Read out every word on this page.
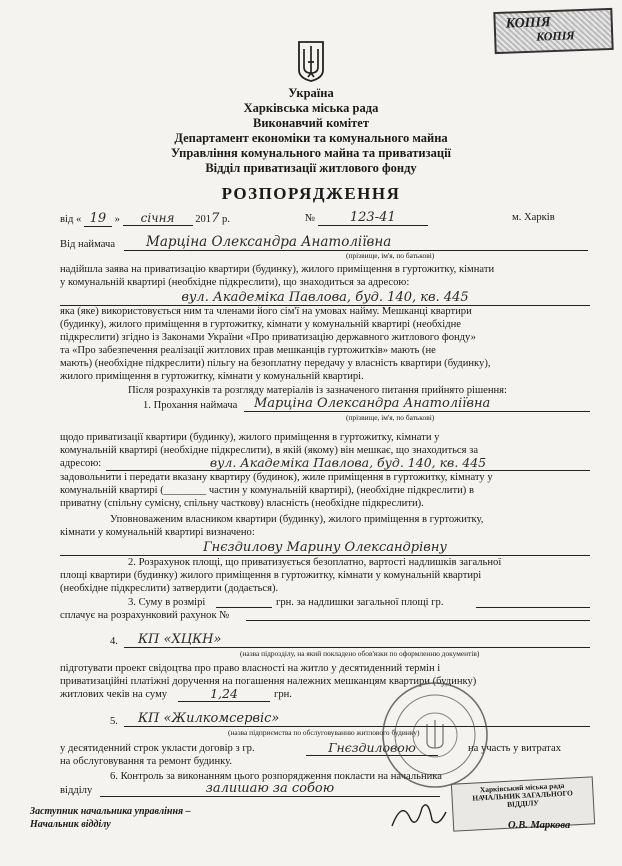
КОПІЯ
КОПІЯ
Україна
Харківська міська рада
Виконавчий комітет
Департамент економіки та комунального майна
Управління комунального майна та приватизації
Відділ приватизації житлового фонду
РОЗПОРЯДЖЕННЯ
від « 19 » січня 2017 р.	№	123-41	м. Харків
Від наймача	Марціна Олександра Анатоліївна
(прізвище, ім'я, по батькові)
надійшла заява на приватизацію квартири (будинку), жилого приміщення в гуртожитку, кімнати
у комунальній квартирі (необхідне підкреслити), що знаходиться за адресою:
вул. Академіка Павлова, буд. 140, кв. 445
яка (яке) використовується ним та членами його сім'ї на умовах найму. Мешканці квартири
(будинку), жилого приміщення в гуртожитку, кімнати у комунальній квартирі (необхідне
підкреслити) згідно із Законами України «Про приватизацію державного житлового фонду»
та «Про забезпечення реалізації житлових прав мешканців гуртожитків» мають (не
мають) (необхідне підкреслити) пільгу на безоплатну передачу у власність квартири (будинку),
жилого приміщення в гуртожитку, кімнати у комунальній квартирі.
Після розрахунків та розгляду матеріалів із зазначеного питання прийнято рішення:
1. Прохання наймача	Марціна Олександра Анатоліївна
(прізвище, ім'я, по батькові)
щодо приватизації квартири (будинку), жилого приміщення в гуртожитку, кімнати у
комунальній квартирі (необхідне підкреслити), в якій (якому) він мешкає, що знаходиться за
адресою:	вул. Академіка Павлова, буд. 140, кв. 445
задовольнити і передати вказану квартиру (будинок), жиле приміщення в гуртожитку, кімнату у
комунальній квартирі (________ частин у комунальній квартирі), (необхідне підкреслити) в
приватну (спільну сумісну, спільну часткову) власність (необхідне підкреслити).
Уповноваженим власником квартири (будинку), жилого приміщення в гуртожитку,
кімнати у комунальній квартирі визначено:
Гнєздилову Марину Олександрівну
2. Розрахунок площі, що приватизується безоплатно, вартості надлишків загальної
площі квартири (будинку) жилого приміщення в гуртожитку, кімнати у комунальній квартирі
(необхідне підкреслити) затвердити (додається).
3. Суму в розмірі	грн. за надлишки загальної площі гр.
сплачує на розрахунковий рахунок №
4.	КП «ХЦКН»
(назва підрозділу, на який покладено обов'язки по оформленню документів)
підготувати проект свідоцтва про право власності на житло у десятиденний термін і
приватизаційні платіжні доручення на погашення належних мешканцям квартири (будинку)
житлових чеків на суму	1,24	грн.
5.	КП «Жилкомсервіс»
(назва підприємства по обслуговуванню житлового будинку)
у десятиденний строк укласти договір з гр.	Гнєздиловою	на участь у витратах
на обслуговування та ремонт будинку.
6. Контроль за виконанням цього розпорядження покласти на начальника
відділу	залишаю за собою	Харківський міська рада НАЧАЛЬНИК ЗАГАЛЬНОГО ВІДДІЛУ
Заступник начальника управління –
Начальник відділу	О.В. Маркова
